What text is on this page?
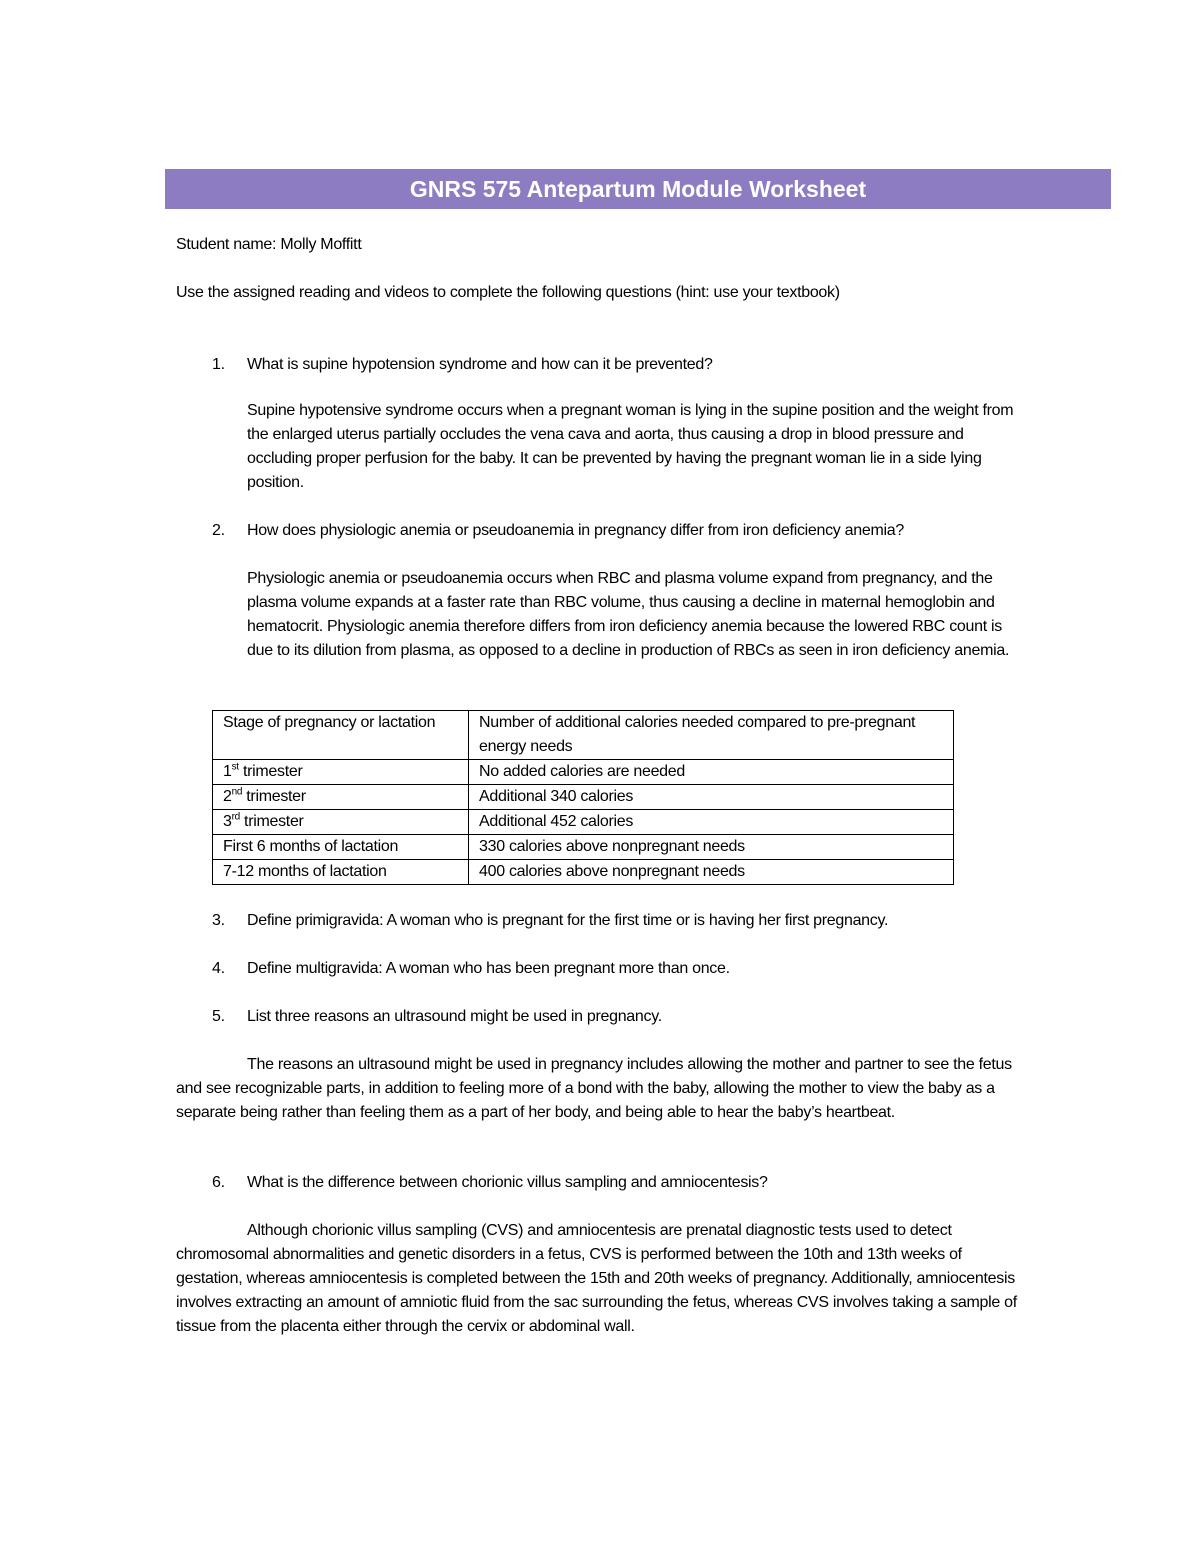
GNRS 575 Antepartum Module Worksheet
Student name: Molly Moffitt
Use the assigned reading and videos to complete the following questions (hint: use your textbook)
1. What is supine hypotension syndrome and how can it be prevented?
Supine hypotensive syndrome occurs when a pregnant woman is lying in the supine position and the weight from the enlarged uterus partially occludes the vena cava and aorta, thus causing a drop in blood pressure and occluding proper perfusion for the baby. It can be prevented by having the pregnant woman lie in a side lying position.
2. How does physiologic anemia or pseudoanemia in pregnancy differ from iron deficiency anemia?
Physiologic anemia or pseudoanemia occurs when RBC and plasma volume expand from pregnancy, and the plasma volume expands at a faster rate than RBC volume, thus causing a decline in maternal hemoglobin and hematocrit. Physiologic anemia therefore differs from iron deficiency anemia because the lowered RBC count is due to its dilution from plasma, as opposed to a decline in production of RBCs as seen in iron deficiency anemia.
Stage of pregnancy or lactation	Number of additional calories needed compared to pre-pregnant energy needs
1st trimester	No added calories are needed
2nd trimester	Additional 340 calories
3rd trimester	Additional 452 calories
First 6 months of lactation	330 calories above nonpregnant needs
7-12 months of lactation	400 calories above nonpregnant needs
3. Define primigravida: A woman who is pregnant for the first time or is having her first pregnancy.
4. Define multigravida: A woman who has been pregnant more than once.
5. List three reasons an ultrasound might be used in pregnancy.
The reasons an ultrasound might be used in pregnancy includes allowing the mother and partner to see the fetus and see recognizable parts, in addition to feeling more of a bond with the baby, allowing the mother to view the baby as a separate being rather than feeling them as a part of her body, and being able to hear the baby’s heartbeat.
6. What is the difference between chorionic villus sampling and amniocentesis?
Although chorionic villus sampling (CVS) and amniocentesis are prenatal diagnostic tests used to detect chromosomal abnormalities and genetic disorders in a fetus, CVS is performed between the 10th and 13th weeks of gestation, whereas amniocentesis is completed between the 15th and 20th weeks of pregnancy. Additionally, amniocentesis involves extracting an amount of amniotic fluid from the sac surrounding the fetus, whereas CVS involves taking a sample of tissue from the placenta either through the cervix or abdominal wall.
